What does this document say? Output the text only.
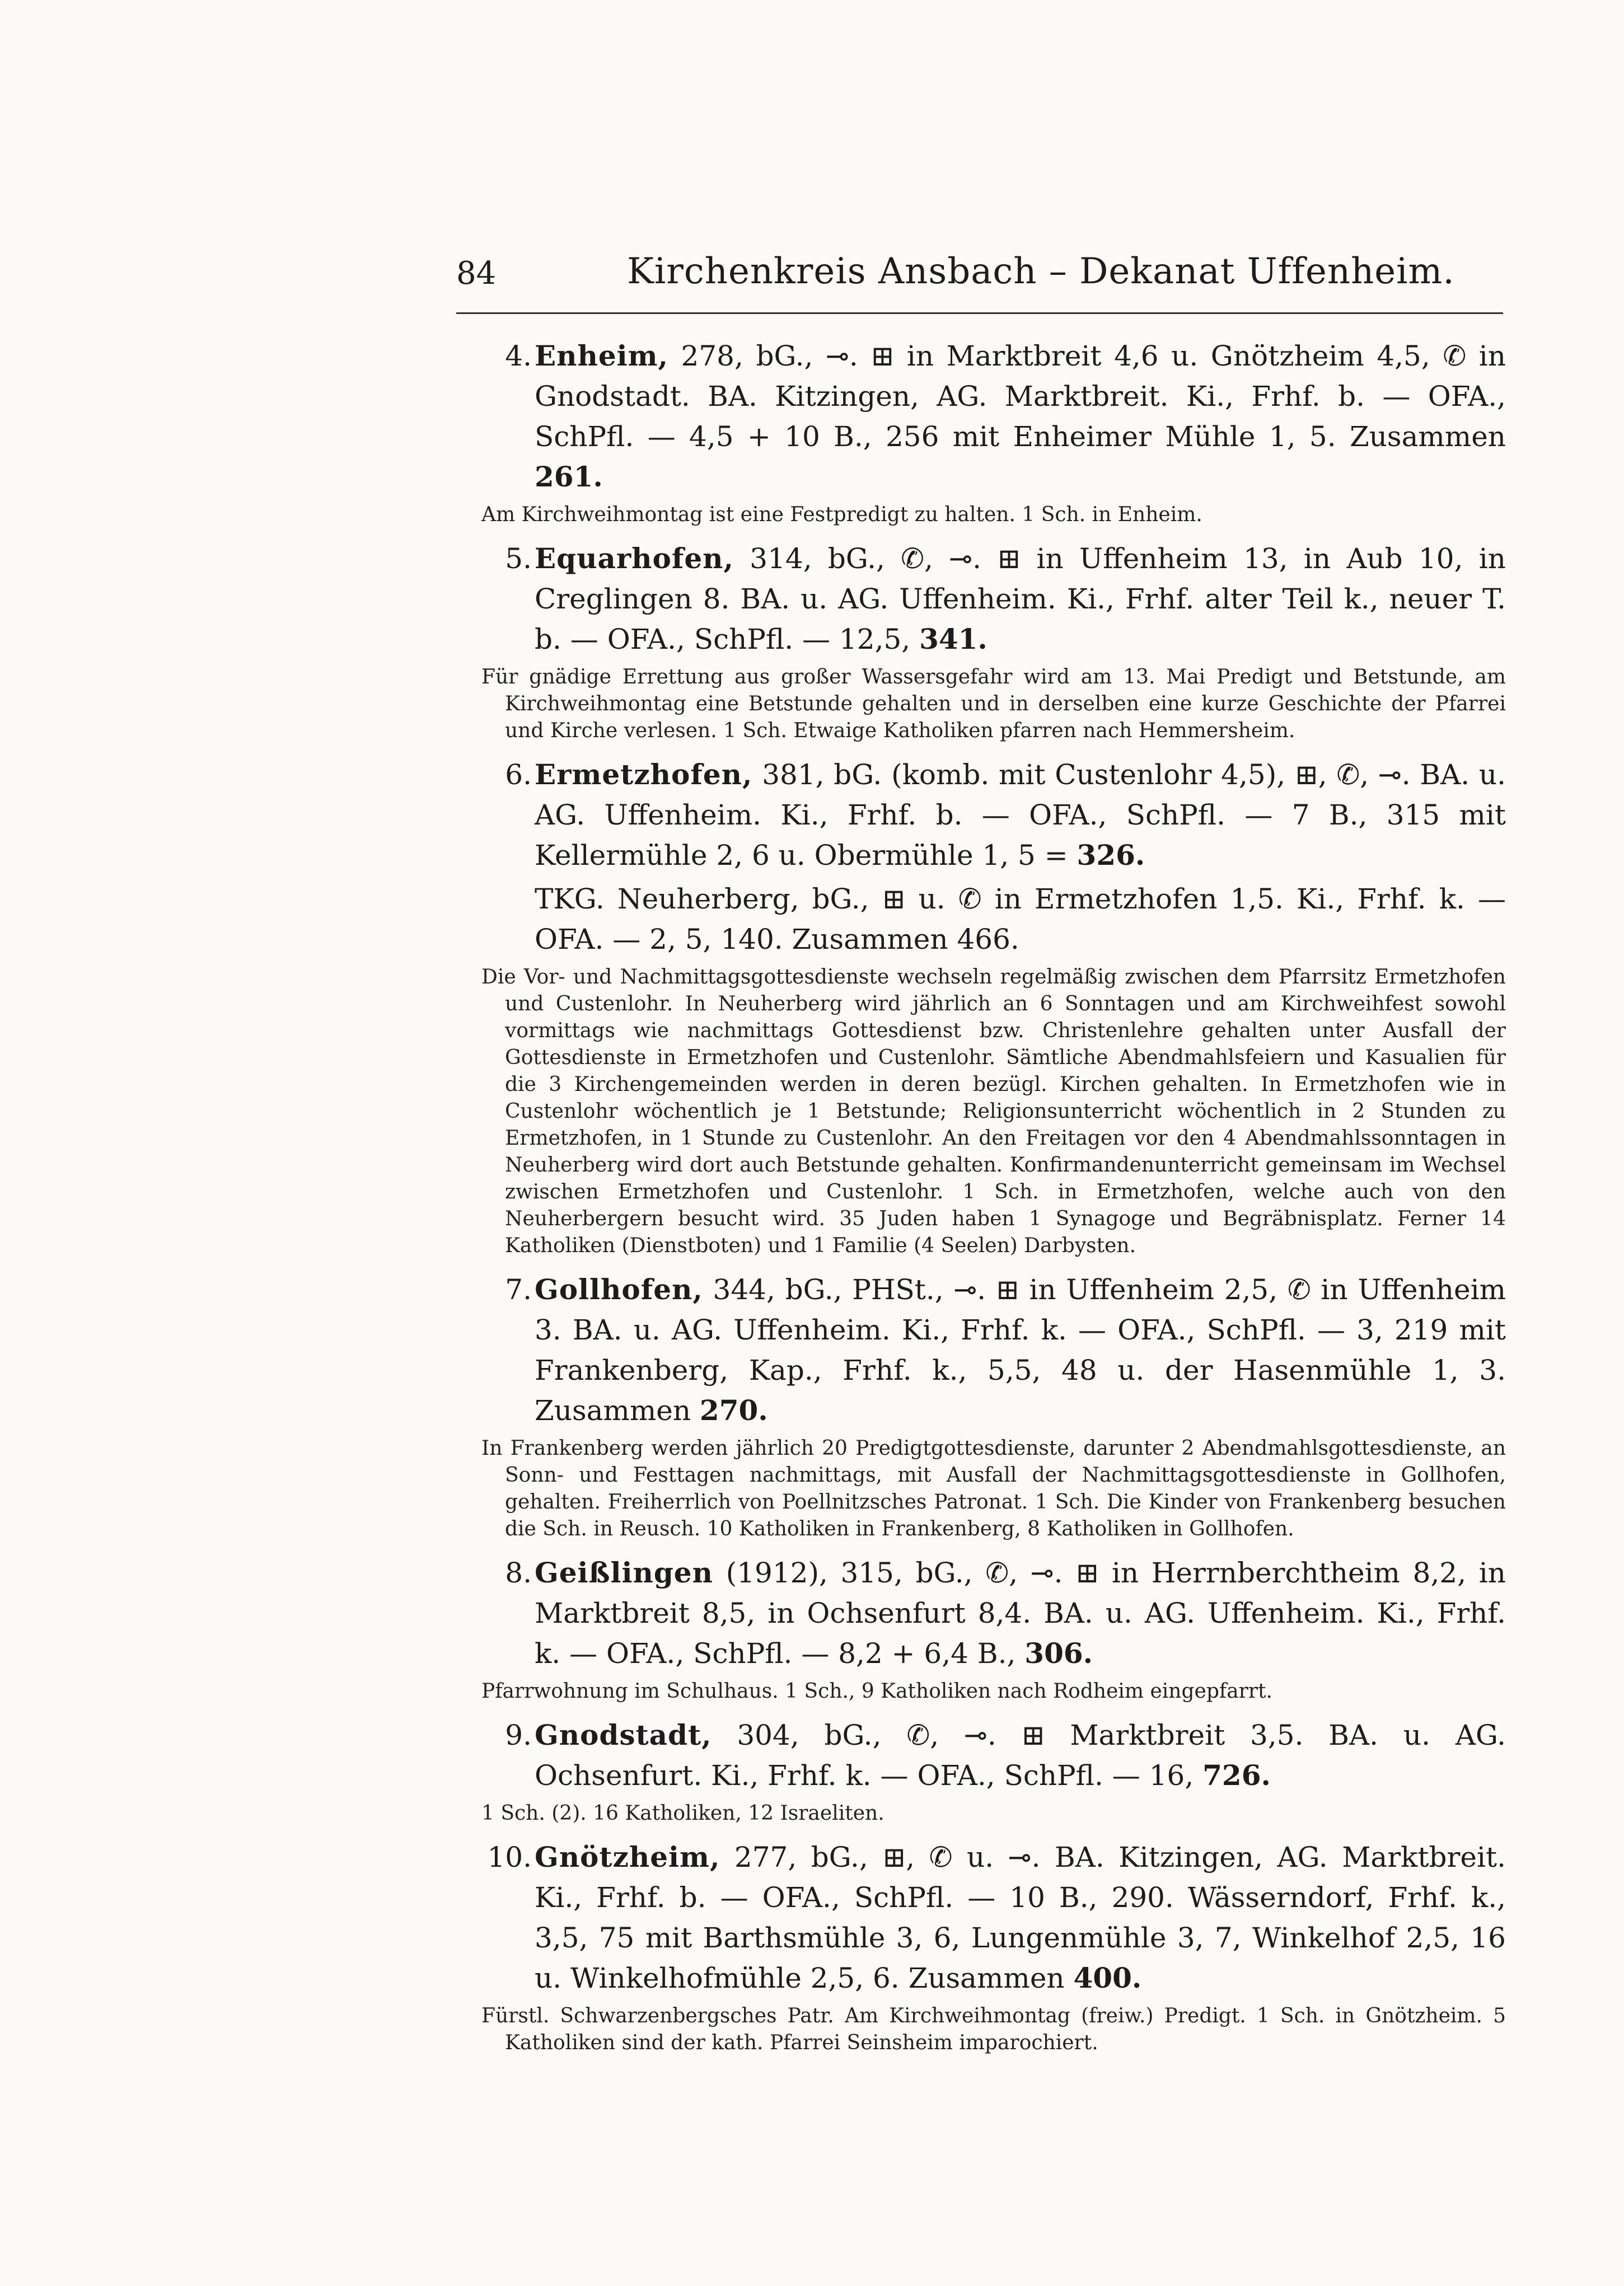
84	Kirchenkreis Ansbach – Dekanat Uffenheim.
4. Enheim, 278, bG., ⊸. ⊞ in Marktbreit 4,6 u. Gnötzheim 4,5, ✆ in Gnodstadt. BA. Kitzingen, AG. Marktbreit. Ki., Frhf. b. — OFA., SchPfl. — 4,5 + 10 B., 256 mit Enheimer Mühle 1, 5. Zusammen 261.
Am Kirchweihmontag ist eine Festpredigt zu halten. 1 Sch. in Enheim.
5. Equarhofen, 314, bG., ✆, ⊸. ⊞ in Uffenheim 13, in Aub 10, in Creglingen 8. BA. u. AG. Uffenheim. Ki., Frhf. alter Teil k., neuer T. b. — OFA., SchPfl. — 12,5, 341.
Für gnädige Errettung aus großer Wassersgefahr wird am 13. Mai Predigt und Betstunde, am Kirchweihmontag eine Betstunde gehalten und in derselben eine kurze Geschichte der Pfarrei und Kirche verlesen. 1 Sch. Etwaige Katholiken pfarren nach Hemmersheim.
6. Ermetzhofen, 381, bG. (komb. mit Custenlohr 4,5), ⊞, ✆, ⊸. BA. u. AG. Uffenheim. Ki., Frhf. b. — OFA., SchPfl. — 7 B., 315 mit Kellermühle 2, 6 u. Obermühle 1, 5 = 326.
TKG. Neuherberg, bG., ⊞ u. ✆ in Ermetzhofen 1,5. Ki., Frhf. k. — OFA. — 2, 5, 140. Zusammen 466.
Die Vor- und Nachmittagsgottesdienste wechseln regelmäßig zwischen dem Pfarrsitz Ermetzhofen und Custenlohr. In Neuherberg wird jährlich an 6 Sonntagen und am Kirchweihfest sowohl vormittags wie nachmittags Gottesdienst bzw. Christenlehre gehalten unter Ausfall der Gottesdienste in Ermetzhofen und Custenlohr. Sämtliche Abendmahlsfeiern und Kasualien für die 3 Kirchengemeinden werden in deren bezügl. Kirchen gehalten. In Ermetzhofen wie in Custenlohr wöchentlich je 1 Betstunde; Religionsunterricht wöchentlich in 2 Stunden zu Ermetzhofen, in 1 Stunde zu Custenlohr. An den Freitagen vor den 4 Abendmahlssonntagen in Neuherberg wird dort auch Betstunde gehalten. Konfirmandenunterricht gemeinsam im Wechsel zwischen Ermetzhofen und Custenlohr. 1 Sch. in Ermetzhofen, welche auch von den Neuherbergern besucht wird. 35 Juden haben 1 Synagoge und Begräbnisplatz. Ferner 14 Katholiken (Dienstboten) und 1 Familie (4 Seelen) Darbysten.
7. Gollhofen, 344, bG., PHSt., ⊸. ⊞ in Uffenheim 2,5, ✆ in Uffenheim 3. BA. u. AG. Uffenheim. Ki., Frhf. k. — OFA., SchPfl. — 3, 219 mit Frankenberg, Kap., Frhf. k., 5,5, 48 u. der Hasenmühle 1, 3. Zusammen 270.
In Frankenberg werden jährlich 20 Predigtgottesdienste, darunter 2 Abendmahlsgottesdienste, an Sonn- und Festtagen nachmittags, mit Ausfall der Nachmittagsgottesdienste in Gollhofen, gehalten. Freiherrlich von Poellnitzsches Patronat. 1 Sch. Die Kinder von Frankenberg besuchen die Sch. in Reusch. 10 Katholiken in Frankenberg, 8 Katholiken in Gollhofen.
8. Geißlingen (1912), 315, bG., ✆, ⊸. ⊞ in Herrnberchtheim 8,2, in Marktbreit 8,5, in Ochsenfurt 8,4. BA. u. AG. Uffenheim. Ki., Frhf. k. — OFA., SchPfl. — 8,2 + 6,4 B., 306.
Pfarrwohnung im Schulhaus. 1 Sch., 9 Katholiken nach Rodheim eingepfarrt.
9. Gnodstadt, 304, bG., ✆, ⊸. ⊞ Marktbreit 3,5. BA. u. AG. Ochsenfurt. Ki., Frhf. k. — OFA., SchPfl. — 16, 726.
1 Sch. (2). 16 Katholiken, 12 Israeliten.
10. Gnötzheim, 277, bG., ⊞, ✆ u. ⊸. BA. Kitzingen, AG. Marktbreit. Ki., Frhf. b. — OFA., SchPfl. — 10 B., 290. Wässerndorf, Frhf. k., 3,5, 75 mit Barthsmühle 3, 6, Lungenmühle 3, 7, Winkelhof 2,5, 16 u. Winkelhofmühle 2,5, 6. Zusammen 400.
Fürstl. Schwarzenbergsches Patr. Am Kirchweihmontag (freiw.) Predigt. 1 Sch. in Gnötzheim. 5 Katholiken sind der kath. Pfarrei Seinsheim imparochiert.
